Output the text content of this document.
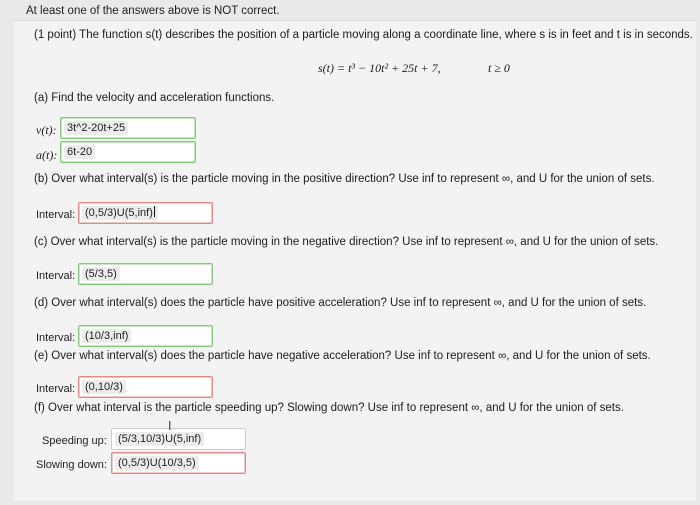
At least one of the answers above is NOT correct.
(1 point) The function s(t) describes the position of a particle moving along a coordinate line, where s is in feet and t is in seconds.
s(t) = t³ − 10t² + 25t + 7,	t ≥ 0
(a) Find the velocity and acceleration functions.
v(t): 3t^2-20t+25
a(t): 6t-20
(b) Over what interval(s) is the particle moving in the positive direction? Use inf to represent ∞, and U for the union of sets.
Interval: (0,5/3)U(5,inf)
(c) Over what interval(s) is the particle moving in the negative direction? Use inf to represent ∞, and U for the union of sets.
Interval: (5/3,5)
(d) Over what interval(s) does the particle have positive acceleration? Use inf to represent ∞, and U for the union of sets.
Interval: (10/3,inf)
(e) Over what interval(s) does the particle have negative acceleration? Use inf to represent ∞, and U for the union of sets.
Interval: (0,10/3)
(f) Over what interval is the particle speeding up? Slowing down? Use inf to represent ∞, and U for the union of sets.
Speeding up: (5/3,10/3)U(5,inf)
I
Slowing down: (0,5/3)U(10/3,5)
